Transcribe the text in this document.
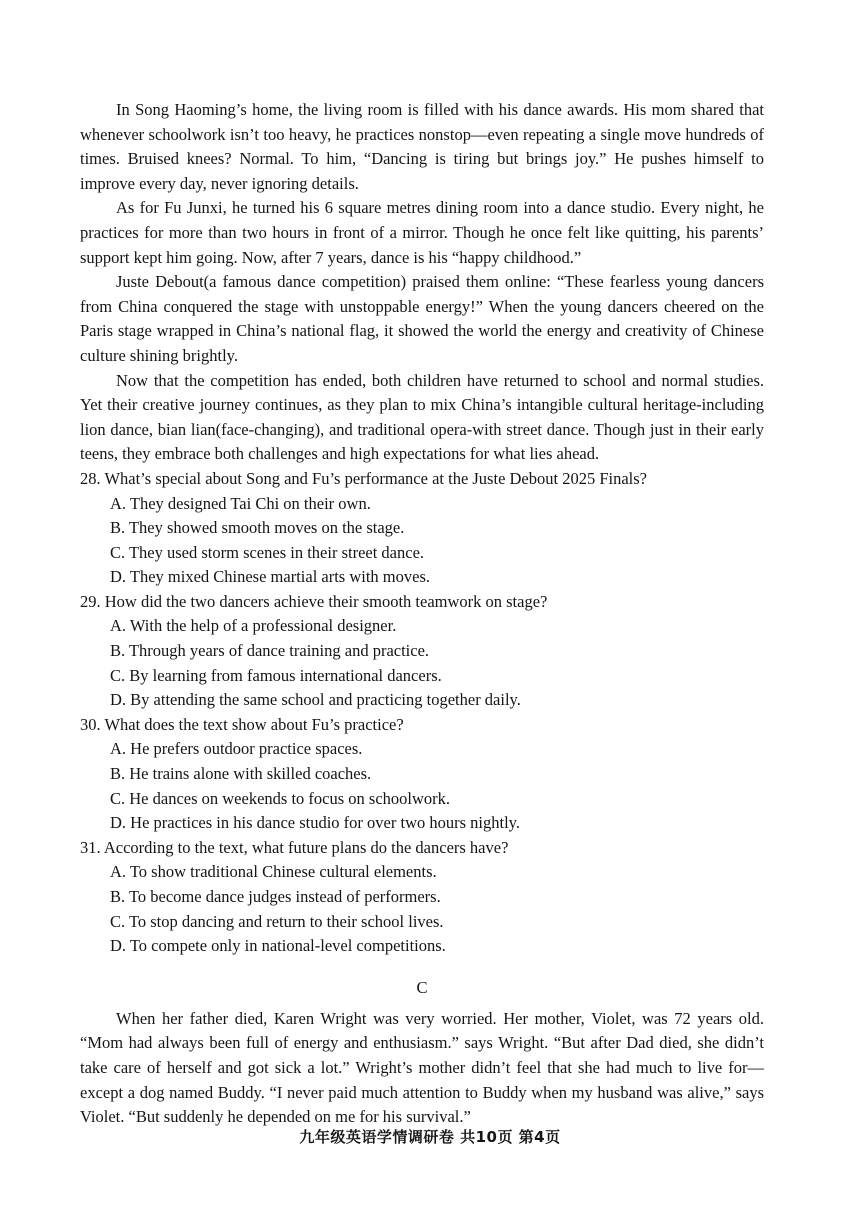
In Song Haoming’s home, the living room is filled with his dance awards. His mom shared that whenever schoolwork isn’t too heavy, he practices nonstop—even repeating a single move hundreds of times. Bruised knees? Normal. To him, “Dancing is tiring but brings joy.” He pushes himself to improve every day, never ignoring details.

As for Fu Junxi, he turned his 6 square metres dining room into a dance studio. Every night, he practices for more than two hours in front of a mirror. Though he once felt like quitting, his parents’ support kept him going. Now, after 7 years, dance is his “happy childhood.”

Juste Debout(a famous dance competition) praised them online: “These fearless young dancers from China conquered the stage with unstoppable energy!” When the young dancers cheered on the Paris stage wrapped in China’s national flag, it showed the world the energy and creativity of Chinese culture shining brightly.

Now that the competition has ended, both children have returned to school and normal studies. Yet their creative journey continues, as they plan to mix China’s intangible cultural heritage-including lion dance, bian lian(face-changing), and traditional opera-with street dance. Though just in their early teens, they embrace both challenges and high expectations for what lies ahead.

28. What’s special about Song and Fu’s performance at the Juste Debout 2025 Finals?

A. They designed Tai Chi on their own.

B. They showed smooth moves on the stage.

C. They used storm scenes in their street dance.

D. They mixed Chinese martial arts with moves.

29. How did the two dancers achieve their smooth teamwork on stage?

A. With the help of a professional designer.

B. Through years of dance training and practice.

C. By learning from famous international dancers.

D. By attending the same school and practicing together daily.

30. What does the text show about Fu’s practice?

A. He prefers outdoor practice spaces.

B. He trains alone with skilled coaches.

C. He dances on weekends to focus on schoolwork.

D. He practices in his dance studio for over two hours nightly.

31. According to the text, what future plans do the dancers have?

A. To show traditional Chinese cultural elements.

B. To become dance judges instead of performers.

C. To stop dancing and return to their school lives.

D. To compete only in national-level competitions.

C

When her father died, Karen Wright was very worried. Her mother, Violet, was 72 years old. “Mom had always been full of energy and enthusiasm.” says Wright. “But after Dad died, she didn’t take care of herself and got sick a lot.” Wright’s mother didn’t feel that she had much to live for—except a dog named Buddy. “I never paid much attention to Buddy when my husband was alive,” says Violet. “But suddenly he depended on me for his survival.”

九年级英语学情调研卷 共10页 第4页
